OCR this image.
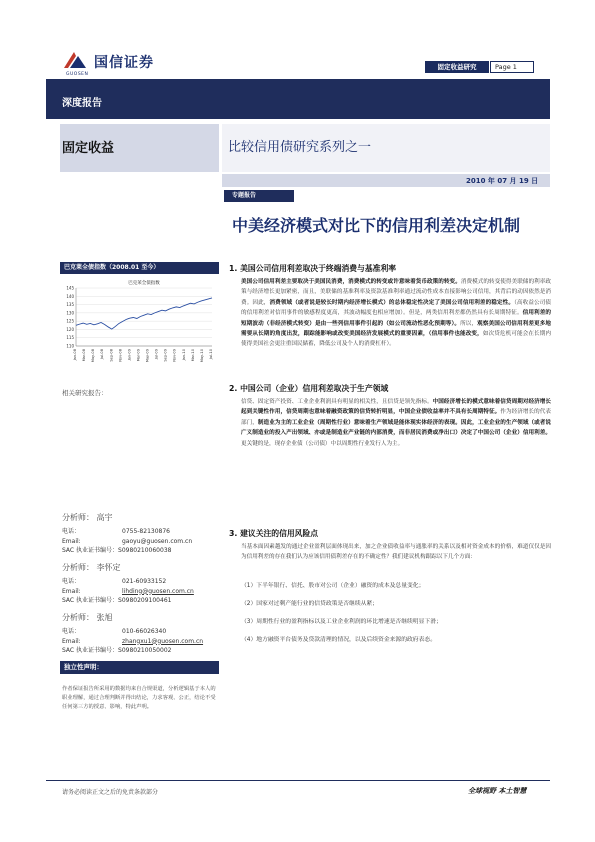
国信证券
GUOSEN
固定收益研究	Page 1
深度报告
固定收益	比较信用债研究系列之一
2010 年 07 月 19 日
专题报告
中美经济模式对比下的信用利差决定机制
巴克莱全债指数（2008.01 至今）
巴克莱全债指数
110
115
120
125
130
135
140
145
Jan-08 Mar-08 May-08 Jul-08 Sep-08 Nov-08 Jan-09 Mar-09 May-09 Jul-09 Sep-09 Nov-09 Jan-10 Mar-10 May-10 Jul-10
相关研究报告：
分析师： 高宇
电话：	0755-82130876
Email:	gaoyu@guosen.com.cn
SAC 执业证书编号：S0980210060038
分析师： 李怀定
电话：	021-60933152
Email:	lihding@guosen.com.cn
SAC 执业证书编号：S0980209100461
分析师： 张旭
电话：	010-66026340
Email:	zhangxu1@guosen.com.cn
SAC 执业证书编号：S0980210050002
独立性声明：
作者保证报告所采用的数据均来自合规渠道，分析逻辑基于本人的职业理解，通过合理判断并得出结论，力求客观、公正，结论不受任何第三方的授意、影响，特此声明。
1. 美国公司信用利差取决于终端消费与基准利率
美国公司信用利差主要取决于美国民消费，消费模式的转变或许意味着货币政策的转变。消费模式的转变使得美联储的利率政策与经济增长更加紧密，而且，美联储的基准利率及资款基准利率通过流动性成本直接影响公司信用，其背后的动因依然是消费。因此，消费领域（或者说是较长时期内经济增长模式）的总体稳定性决定了美国公司信用利差的稳定性。（高收益公司债的信用利差对信用事件的敏感程度更高，其波动幅度也相应增加）。但是，两类信用利差都仍然具有长周期特征。信用利差的短期波动（非经济模式转变）是由一些列信用事件引起的（如公司流动性恶化预期等）。所以，观察美国公司信用利差更多地需要从长期的角度出发，跟踪能影响或改变美国经济发展模式的重要因素，（信用事件也能改变，如次贷危机可能会在长期内使得美国社会更注重国民储蓄，降低公司及个人的消费杠杆）。
2. 中国公司（企业）信用利差取决于生产领域
信贷、固定资产投资、工业企业利润具有明显的相关性，且信贷是领先指标。中国经济增长的模式意味着信贷周期对经济增长起到关键性作用，信贷周期也意味着融资政策的信贷转折明显，中国企业债收益率并不具有长周期特征。作为经济增长的代表部门，制造业为主的工业企业（周期性行业）意味着生产领域是能体现实体经济的表现。因此，工业企业的生产领域（或者说广义制造业的投入产出领域、亦或是制造业产业链的内部消费，而非居民消费或净出口）决定了中国公司（企业）信用利差。更关键的是，现存企业债（公司债）中以周期性行业发行人为主。
3. 建议关注的信用风险点
当基本面因素越发的通过企业盈利层面体现出来，加之企业债收益率与通胀率的关系以及相对资金成本的价格，难道仅仅是因为信用利差的存在我们认为应该信用债利差存在的不确定性？我们建议机构跟踪以下几个方面：
（1）下半年银行、信托、股市对公司（企业）融资的成本及总量变化；
（2）国家对过剩产能行业的信贷政策是否继续从紧；
（3）周期性行业的盈利指标以及工业企业利润的环比增速是否继续明显下滑；
（4）地方融资平台债务及贷款清理的情况，以及后续资金来源的政府表态。
请务必阅读正文之后的免责条款部分	全球视野 本土智慧
